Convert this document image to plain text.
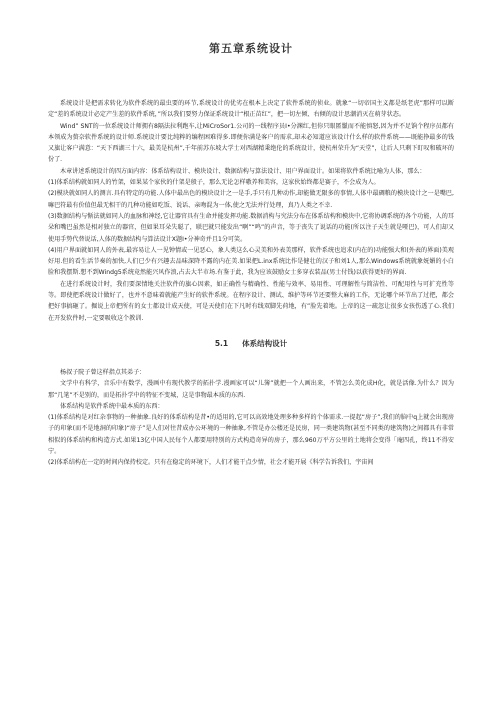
第五章系统设计

系统设计是把需求转化为软件系统的最虫要的环节,系统设计的优劣在根本上决定了软件系统的侦业。就象“一切帝国主义都是纸老虎”那样可以断定“差的系统设计必定产生差的软件系统，”所以我们要努力保证系统设计“根正苗红”，把一切左倾、右倾的设计思潮消灭在萌芽状态。

Wind” SNT的一位系统设计师拥有8隔法拉利跑车,让MiCroSor1.公司的一线程序员Ⅰ•分渊红,但你只眼匿鬣而不能慎怒,因为并不足饷个程序员都有本领成为赘奈软件系统的设计师.系统设计要比纯粹的编程困难得多.即便你满是客户的需求,却未必知道应该设计什么样的软件系统——既能挣最多的钱又旗让客户满意：“天下西湖三十六，最美是杭州”,千年前苏东坡大学士对西湖精秉绝伦的系统设计，使杭州荣升为“天堂”，让后人只剩下盯叹和破坏的份了.

木章讲述系统设计的四方面内容：体系结构设计、模块设计、数据结构与算法设计、用户界面设计。如果将软件系统比喻为人体，那么：

(1)体系结构就如同人的竹架，如果某个家伙的什架是般子，那么无论怎样嗷养和美容，这家伙始终都是赛子，不会成为人。

(2)模块就如同人的测言.具有特定的功能.人体中最出色的模块设计之一是手,手只有几种动作,却能做无限多的事情,人体中最碉粮的模块设计之一是嘴巴,嘛巴符最有价值但最无相干的几种功能如吃饭、说话、亲吻混为一体,使之无法并行处理，真乃人类之不幸.

(3)数据结构与惭法就如同人的血脉和神经,它让器官具有生命并能发挥功能.数据消构与究法分布在体系结构和模块中,它将协调系统的各个功能，人的耳朵和嘴巴虽然是相对独立的器官，但如果耳朵失聪了，联巴就只能发出“啊”“鸣”的声音，等于丧失了说话的功能(所以注子天生就是哑巴)，可人们却又使用手势代替说话,人体的数据结构与算法设计X题Ⅰ•分神奇并且1分可笑。

(4)用户界面就如同人的外表,最容易让人一见钟情或一见恶心，象人类这么心灵美和外表美那样，软件系统也追求(内在的)功能强大和(外表的界面)美观好用.但的看生活节奏的加快,人们已少有兴趣去品味深降不露的内在美.如果把L.inx系统比作是健壮的汉子和刘1人,那么Windows系统就象妩媚的小白脸和我摆斯.想不到Windg5系统竟然能兴风作浪,占去大半市场.有鉴于此，我为应该鼓励女士多穿衣装品(男士付钱)以获得更好的界面.

在进行系统设计时，我们要深情地关注软件的旗心因素，如正确性与精确性、性能与效率、易用性、可理解性与简洁性、可配用性与可扩充性等等。即使把系统设计做好了，也并不意味着就能产生好的软件系统。在程序设计、测试、维护等环节还要整大麻的工作，无论哪个环节出了过把，都会把好事搞砸了。掘说上帝把所有的女士都设计成天使，可是天使们在下凡时有线双脚先荷地，有”脸先着地。上帝的这一疏忽让很多女孩伤透了心.我们在开发软件时,一定要吸收这个教训.

5.1 体系结构设计

杨叔子院子曾这样指点其弟子：

文学中有科学，音乐中有数学，漫画中有现代教学的拓扑学.漫画家可以“儿簿”就把一个人画出来，不管怎么美化成H化，就是活像.为什么？因为那“几笔”不是别的，而是拓扑学中的特征不变城，这是事物最本质的东西.

体系结构是软件系统中最本质的东西：

(1)体系结构是对红杂事物的一种抽象.良好的体系结构是昔•的适用的,它可以高效地处理多种多样的个体需求.一提起“房子”,我们的脑中q上就会出现房子的印象(而不是地洞的印象)“房子”是人们对往昔成办公环境的一种抽象,不管是办公楼还是民房，同一类建筑物(甚至不同类的建筑物)之间都具有非常相似的体系结构和构造方式.如果13亿中国人民每个人都要用特别的方式构造奇异的房子，那么960万平方公里的土地将会变得「庵四孔，终11不得安宁。

(2)体系结构在一定的时间内保持校定。只有在稳定的环境下，人们才能干点少情，社会才能开展《科学告诉我们，宇宙间
